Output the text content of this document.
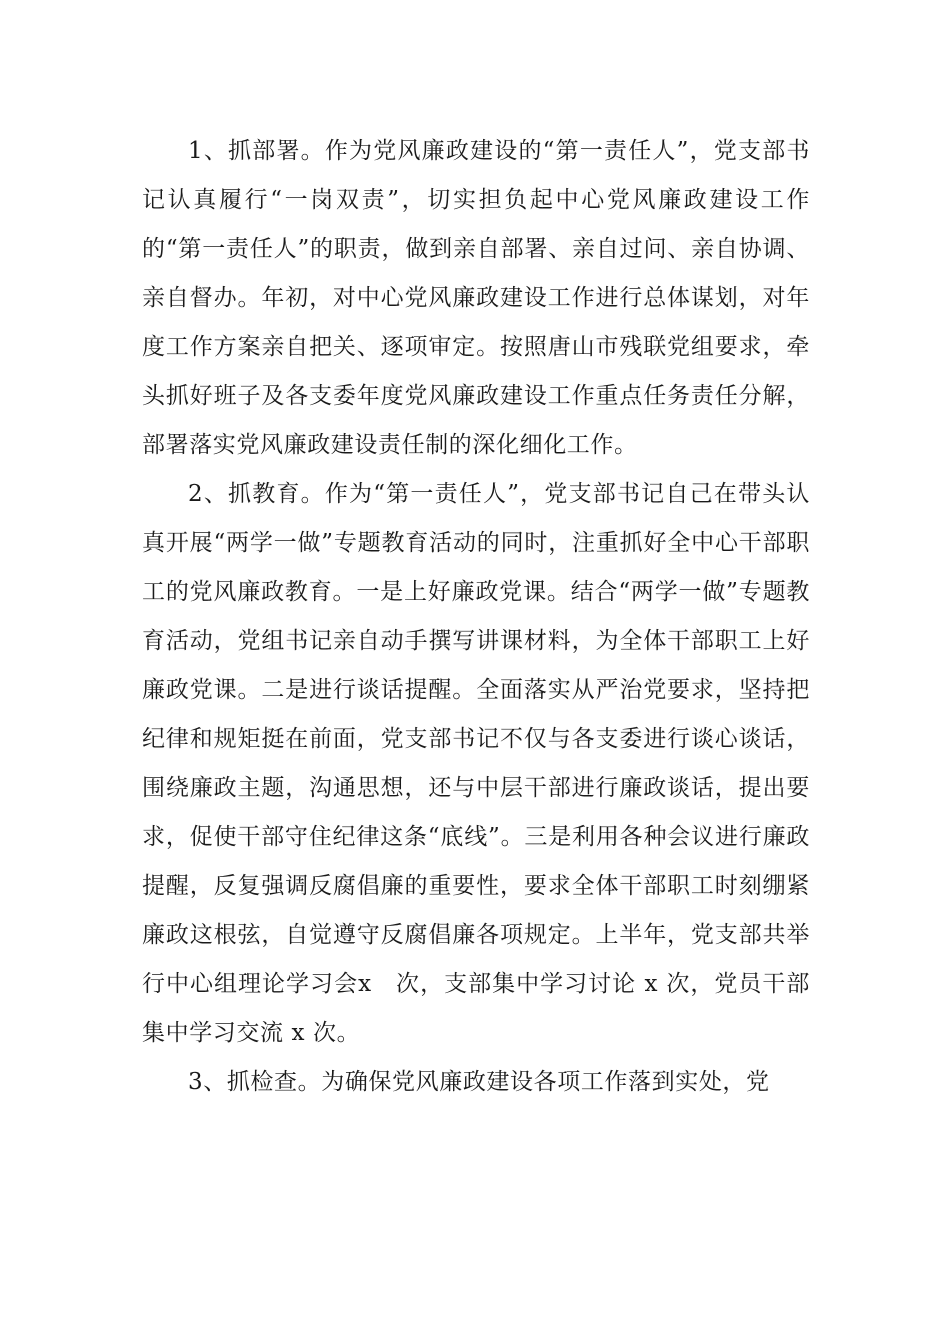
1、抓部署。作为党风廉政建设的“第一责任人”，党支部书记认真履行“一岗双责”，切实担负起中心党风廉政建设工作的“第一责任人”的职责，做到亲自部署、亲自过问、亲自协调、亲自督办。年初，对中心党风廉政建设工作进行总体谋划，对年度工作方案亲自把关、逐项审定。按照唐山市残联党组要求，牵头抓好班子及各支委年度党风廉政建设工作重点任务责任分解，部署落实党风廉政建设责任制的深化细化工作。

2、抓教育。作为“第一责任人”，党支部书记自己在带头认真开展“两学一做”专题教育活动的同时，注重抓好全中心干部职工的党风廉政教育。一是上好廉政党课。结合“两学一做”专题教育活动，党组书记亲自动手撰写讲课材料，为全体干部职工上好廉政党课。二是进行谈话提醒。全面落实从严治党要求，坚持把纪律和规矩挺在前面，党支部书记不仅与各支委进行谈心谈话，围绕廉政主题，沟通思想，还与中层干部进行廉政谈话，提出要求，促使干部守住纪律这条“底线”。三是利用各种会议进行廉政提醒，反复强调反腐倡廉的重要性，要求全体干部职工时刻绷紧廉政这根弦，自觉遵守反腐倡廉各项规定。上半年，党支部共举行中心组理论学习会x　次，支部集中学习讨论 x 次，党员干部集中学习交流 x 次。

3、抓检查。为确保党风廉政建设各项工作落到实处，党
